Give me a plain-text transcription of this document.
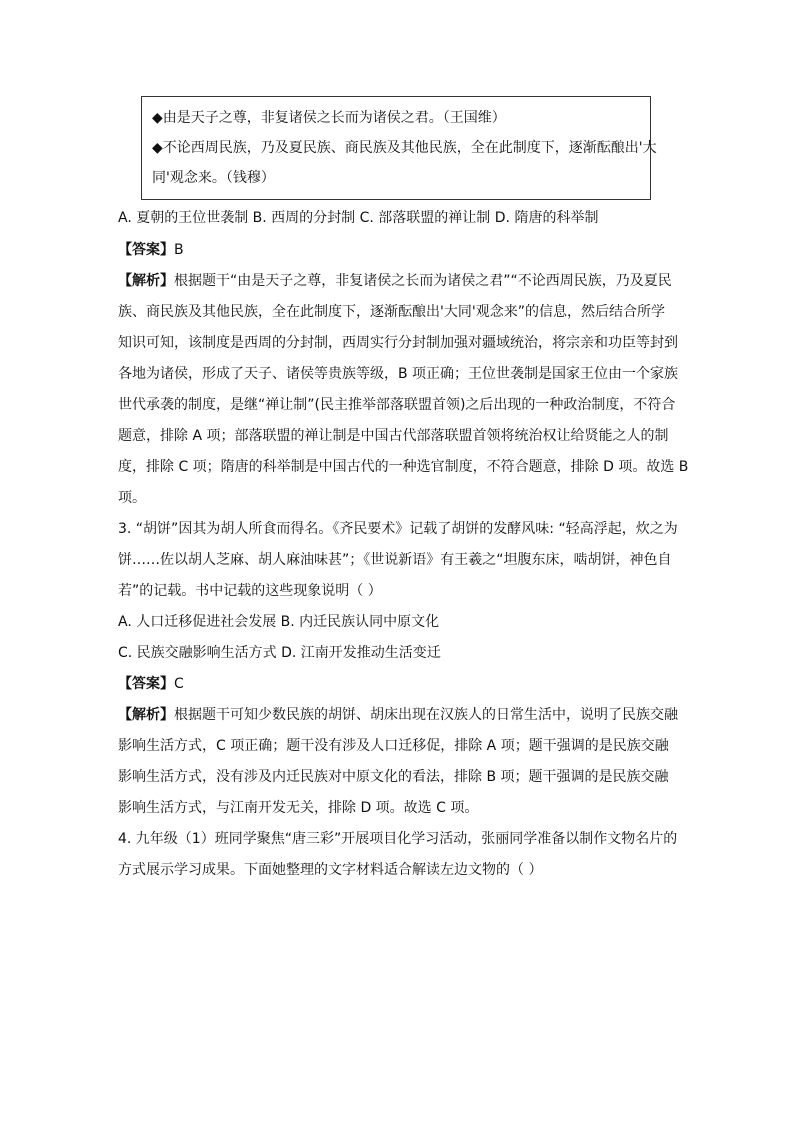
◆由是天子之尊，非复诸侯之长而为诸侯之君。（王国维）
◆不论西周民族，乃及夏民族、商民族及其他民族，全在此制度下，逐渐酝酿出'大
同'观念来。（钱穆）
A. 夏朝的王位世袭制 B. 西周的分封制 C. 部落联盟的禅让制 D. 隋唐的科举制
【答案】B
【解析】根据题干“由是天子之尊，非复诸侯之长而为诸侯之君”“不论西周民族，乃及夏民
族、商民族及其他民族，全在此制度下，逐渐酝酿出'大同'观念来”的信息，然后结合所学
知识可知，该制度是西周的分封制，西周实行分封制加强对疆域统治，将宗亲和功臣等封到
各地为诸侯，形成了天子、诸侯等贵族等级，B 项正确；王位世袭制是国家王位由一个家族
世代承袭的制度，是继“禅让制”(民主推举部落联盟首领)之后出现的一种政治制度，不符合
题意，排除 A 项；部落联盟的禅让制是中国古代部落联盟首领将统治权让给贤能之人的制
度，排除 C 项；隋唐的科举制是中国古代的一种选官制度，不符合题意，排除 D 项。故选 B
项。
3. “胡饼”因其为胡人所食而得名。《齐民要术》记载了胡饼的发酵风味: “轻高浮起，炊之为
饼……佐以胡人芝麻、胡人麻油味甚”；《世说新语》有王羲之“坦腹东床，啮胡饼，神色自
若”的记载。书中记载的这些现象说明（ ）
A. 人口迁移促进社会发展 B. 内迁民族认同中原文化
C. 民族交融影响生活方式 D. 江南开发推动生活变迁
【答案】C
【解析】根据题干可知少数民族的胡饼、胡床出现在汉族人的日常生活中，说明了民族交融
影响生活方式，C 项正确；题干没有涉及人口迁移促，排除 A 项；题干强调的是民族交融
影响生活方式，没有涉及内迁民族对中原文化的看法，排除 B 项；题干强调的是民族交融
影响生活方式，与江南开发无关，排除 D 项。故选 C 项。
4. 九年级（1）班同学聚焦“唐三彩”开展项目化学习活动，张丽同学准备以制作文物名片的
方式展示学习成果。下面她整理的文字材料适合解读左边文物的（ ）
